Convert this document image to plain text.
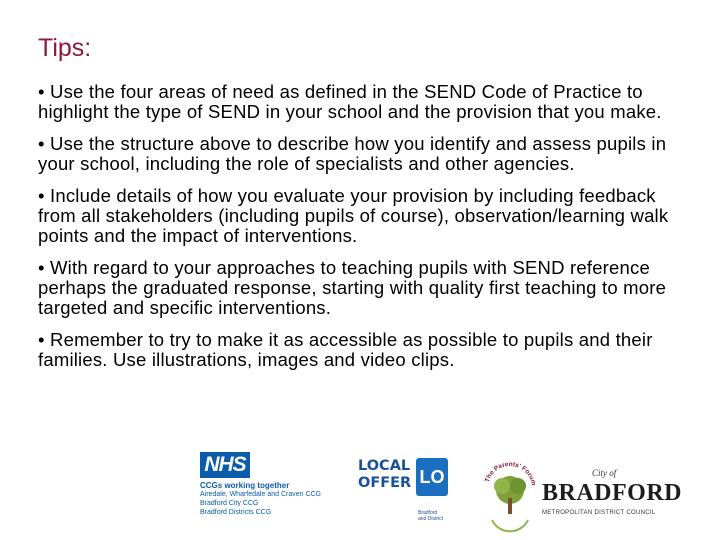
Tips:

• Use the four areas of need as defined in the SEND Code of Practice to highlight the type of SEND in your school and the provision that you make.

• Use the structure above to describe how you identify and assess pupils in your school, including the role of specialists and other agencies.

• Include details of how you evaluate your provision by including feedback from all stakeholders (including pupils of course), observation/learning walk points and the impact of interventions.

• With regard to your approaches to teaching pupils with SEND reference perhaps the graduated response, starting with quality first teaching to more targeted and specific interventions.

• Remember to try to make it as accessible as possible to pupils and their families. Use illustrations, images and video clips.

NHS
CCGs working together
Airedale, Wharfedale and Craven CCG
Bradford City CCG
Bradford Districts CCG
LOCAL
OFFER LO
Bradford
and District
The Parents' Forum
City of
BRADFORD
METROPOLITAN DISTRICT COUNCIL
